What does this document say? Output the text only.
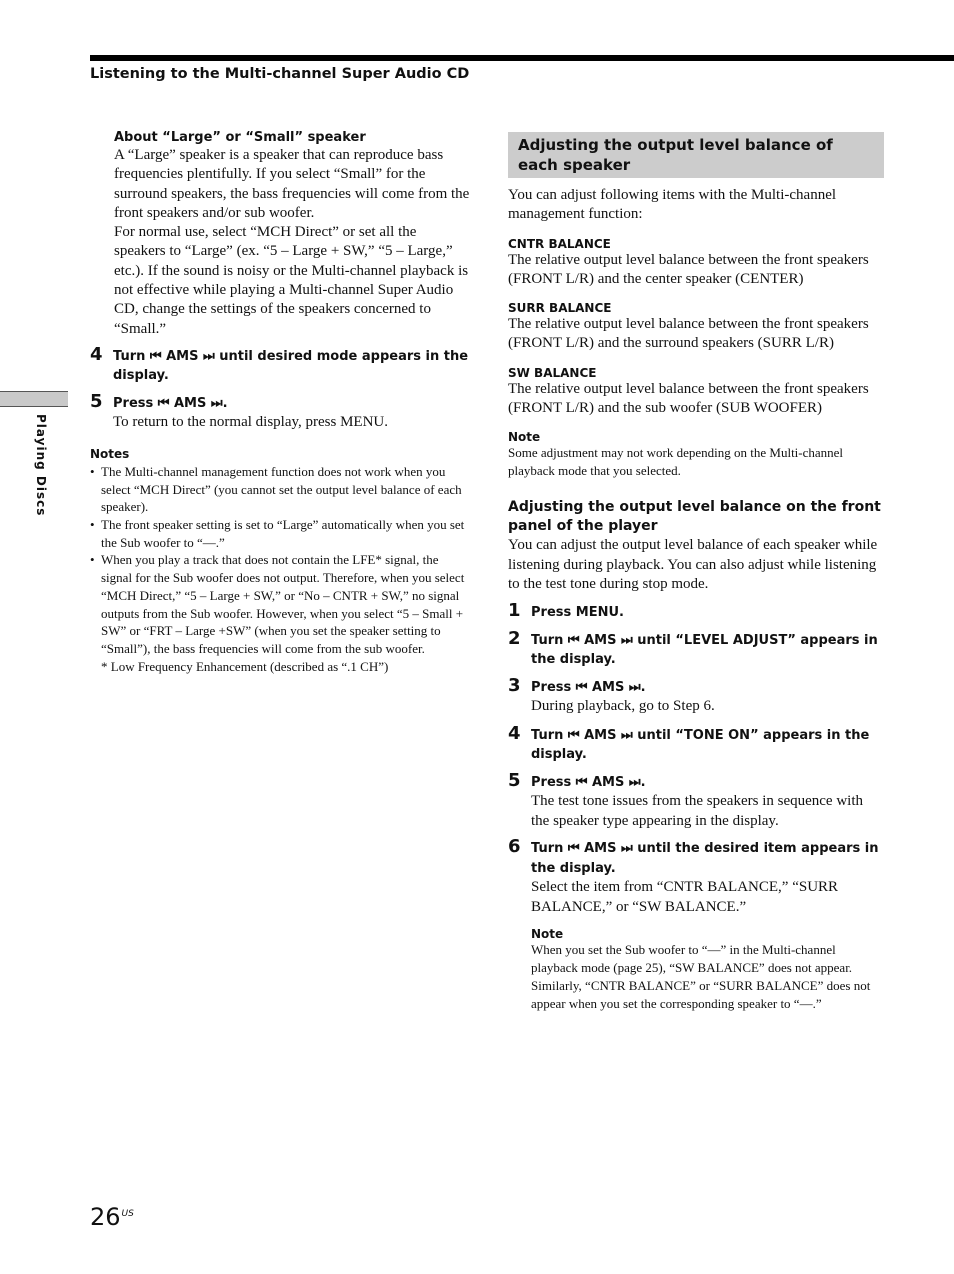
Listening to the Multi-channel Super Audio CD
Playing Discs
About “Large” or “Small” speaker
A “Large” speaker is a speaker that can reproduce bass frequencies plentifully. If you select “Small” for the surround speakers, the bass frequencies will come from the front speakers and/or sub woofer.
For normal use, select “MCH Direct” or set all the speakers to “Large” (ex. “5 – Large + SW,” “5 – Large,” etc.). If the sound is noisy or the Multi-channel playback is not effective while playing a Multi-channel Super Audio CD, change the settings of the speakers concerned to “Small.”
4 Turn ⏮ AMS ⏭ until desired mode appears in the display.
5 Press ⏮ AMS ⏭.
To return to the normal display, press MENU.
Notes
• The Multi-channel management function does not work when you select “MCH Direct” (you cannot set the output level balance of each speaker).
• The front speaker setting is set to “Large” automatically when you set the Sub woofer to “—.”
• When you play a track that does not contain the LFE* signal, the signal for the Sub woofer does not output. Therefore, when you select “MCH Direct,” “5 – Large + SW,” or “No – CNTR + SW,” no signal outputs from the Sub woofer. However, when you select “5 – Small + SW” or “FRT – Large +SW” (when you set the speaker setting to “Small”), the bass frequencies will come from the sub woofer.
* Low Frequency Enhancement (described as “.1 CH”)
Adjusting the output level balance of each speaker
You can adjust following items with the Multi-channel management function:
CNTR BALANCE
The relative output level balance between the front speakers (FRONT L/R) and the center speaker (CENTER)
SURR BALANCE
The relative output level balance between the front speakers (FRONT L/R) and the surround speakers (SURR L/R)
SW BALANCE
The relative output level balance between the front speakers (FRONT L/R) and the sub woofer (SUB WOOFER)
Note
Some adjustment may not work depending on the Multi-channel playback mode that you selected.
Adjusting the output level balance on the front panel of the player
You can adjust the output level balance of each speaker while listening during playback. You can also adjust while listening to the test tone during stop mode.
1 Press MENU.
2 Turn ⏮ AMS ⏭ until “LEVEL ADJUST” appears in the display.
3 Press ⏮ AMS ⏭.
During playback, go to Step 6.
4 Turn ⏮ AMS ⏭ until “TONE ON” appears in the display.
5 Press ⏮ AMS ⏭.
The test tone issues from the speakers in sequence with the speaker type appearing in the display.
6 Turn ⏮ AMS ⏭ until the desired item appears in the display.
Select the item from “CNTR BALANCE,” “SURR BALANCE,” or “SW BALANCE.”
Note
When you set the Sub woofer to “—” in the Multi-channel playback mode (page 25), “SW BALANCE” does not appear. Similarly, “CNTR BALANCE” or “SURR BALANCE” does not appear when you set the corresponding speaker to “—.”
$26^{US}$
